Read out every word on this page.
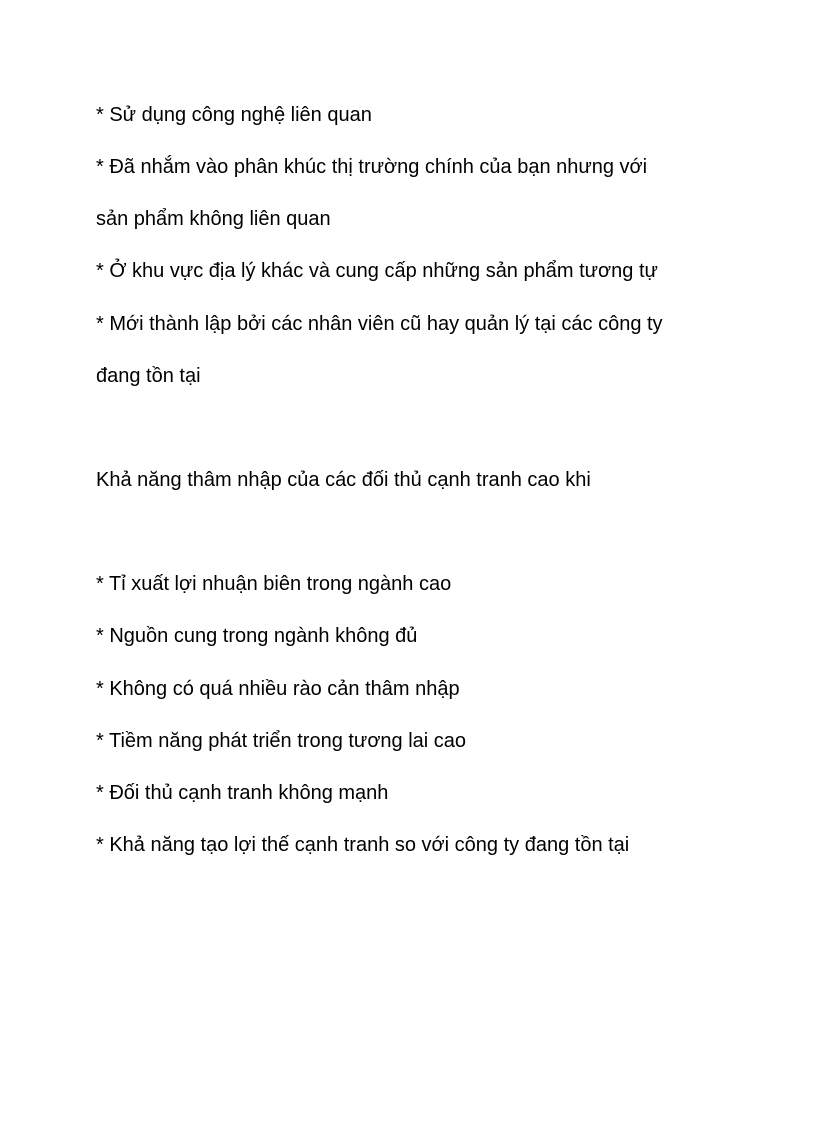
* Sử dụng công nghệ liên quan
* Đã nhắm vào phân khúc thị trường chính của bạn nhưng với
sản phẩm không liên quan
* Ở khu vực địa lý khác và cung cấp những sản phẩm tương tự
* Mới thành lập bởi các nhân viên cũ hay quản lý tại các công ty
đang tồn tại
Khả năng thâm nhập của các đối thủ cạnh tranh cao khi
* Tỉ xuất lợi nhuận biên trong ngành cao
* Nguồn cung trong ngành không đủ
* Không có quá nhiều rào cản thâm nhập
* Tiềm năng phát triển trong tương lai cao
* Đối thủ cạnh tranh không mạnh
* Khả năng tạo lợi thế cạnh tranh so với công ty đang tồn tại
